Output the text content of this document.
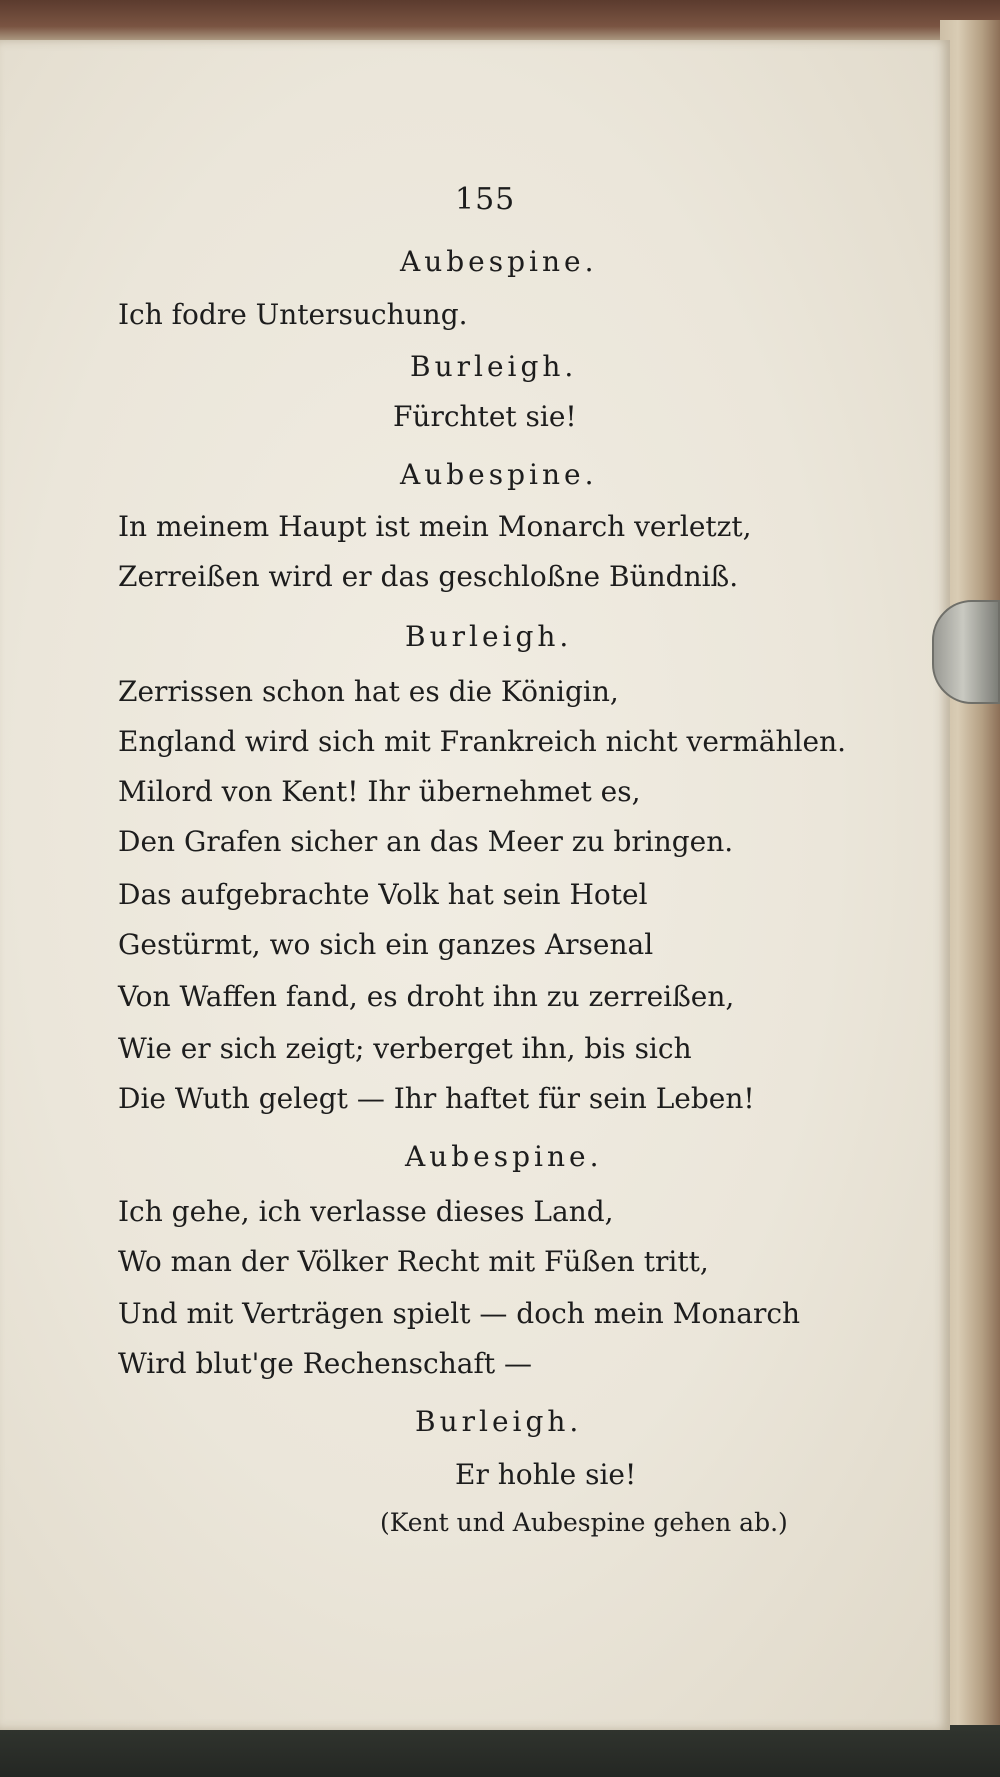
155
Aubespine.
Ich fodre Untersuchung.
Burleigh.
Fürchtet sie!
Aubespine.
In meinem Haupt ist mein Monarch verletzt,
Zerreißen wird er das geschloßne Bündniß.
Burleigh.
Zerrissen schon hat es die Königin,
England wird sich mit Frankreich nicht vermählen.
Milord von Kent! Ihr übernehmet es,
Den Grafen sicher an das Meer zu bringen.
Das aufgebrachte Volk hat sein Hotel
Gestürmt, wo sich ein ganzes Arsenal
Von Waffen fand, es droht ihn zu zerreißen,
Wie er sich zeigt; verberget ihn, bis sich
Die Wuth gelegt — Ihr haftet für sein Leben!
Aubespine.
Ich gehe, ich verlasse dieses Land,
Wo man der Völker Recht mit Füßen tritt,
Und mit Verträgen spielt — doch mein Monarch
Wird blut'ge Rechenschaft —
Burleigh.
Er hohle sie!
(Kent und Aubespine gehen ab.)
